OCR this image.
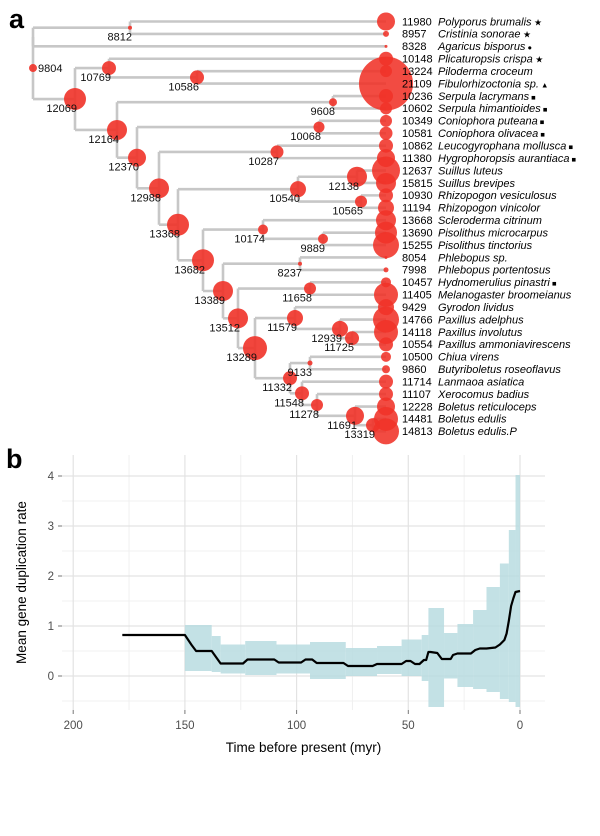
a
b
11980 Polyporus brumalis ★
8957 Cristinia sonorae ★
8328 Agaricus bisporus ●
10148 Plicaturopsis crispa ★
13224 Piloderma croceum
21109 Fibulorhizoctonia sp. ▲
10236 Serpula lacrymans ■
10602 Serpula himantioides ■
10349 Coniophora puteana ■
10581 Coniophora olivacea ■
10862 Leucogyrophana mollusca ■
11380 Hygrophoropsis aurantiaca ■
12637 Suillus luteus
15815 Suillus brevipes
10930 Rhizopogon vesiculosus
11194 Rhizopogon vinicolor
13668 Scleroderma citrinum
13690 Pisolithus microcarpus
15255 Pisolithus tinctorius
8054 Phlebopus sp.
7998 Phlebopus portentosus
10457 Hydnomerulius pinastri ■
11405 Melanogaster broomeianus
9429 Gyrodon lividus
14766 Paxillus adelphus
14118 Paxillus involutus
10554 Paxillus ammoniavirescens
10500 Chiua virens
9860 Butyriboletus roseoflavus
11714 Lanmaoa asiatica
11107 Xerocomus badius
12228 Boletus reticuloceps
14481 Boletus edulis
14813 Boletus edulis.P
8812
10586
10769
9608
10068
10287
12138
10565
10540
9889
10174
8237
11658
11725
12939
11579
9133
13319
11691
11278
11548
11332
13289
13512
13389
13682
13368
12988
12370
12164
12069
9804
200	150	100	50	0
0
1
2
3
4
Time before present (myr)
Mean gene duplication rate
